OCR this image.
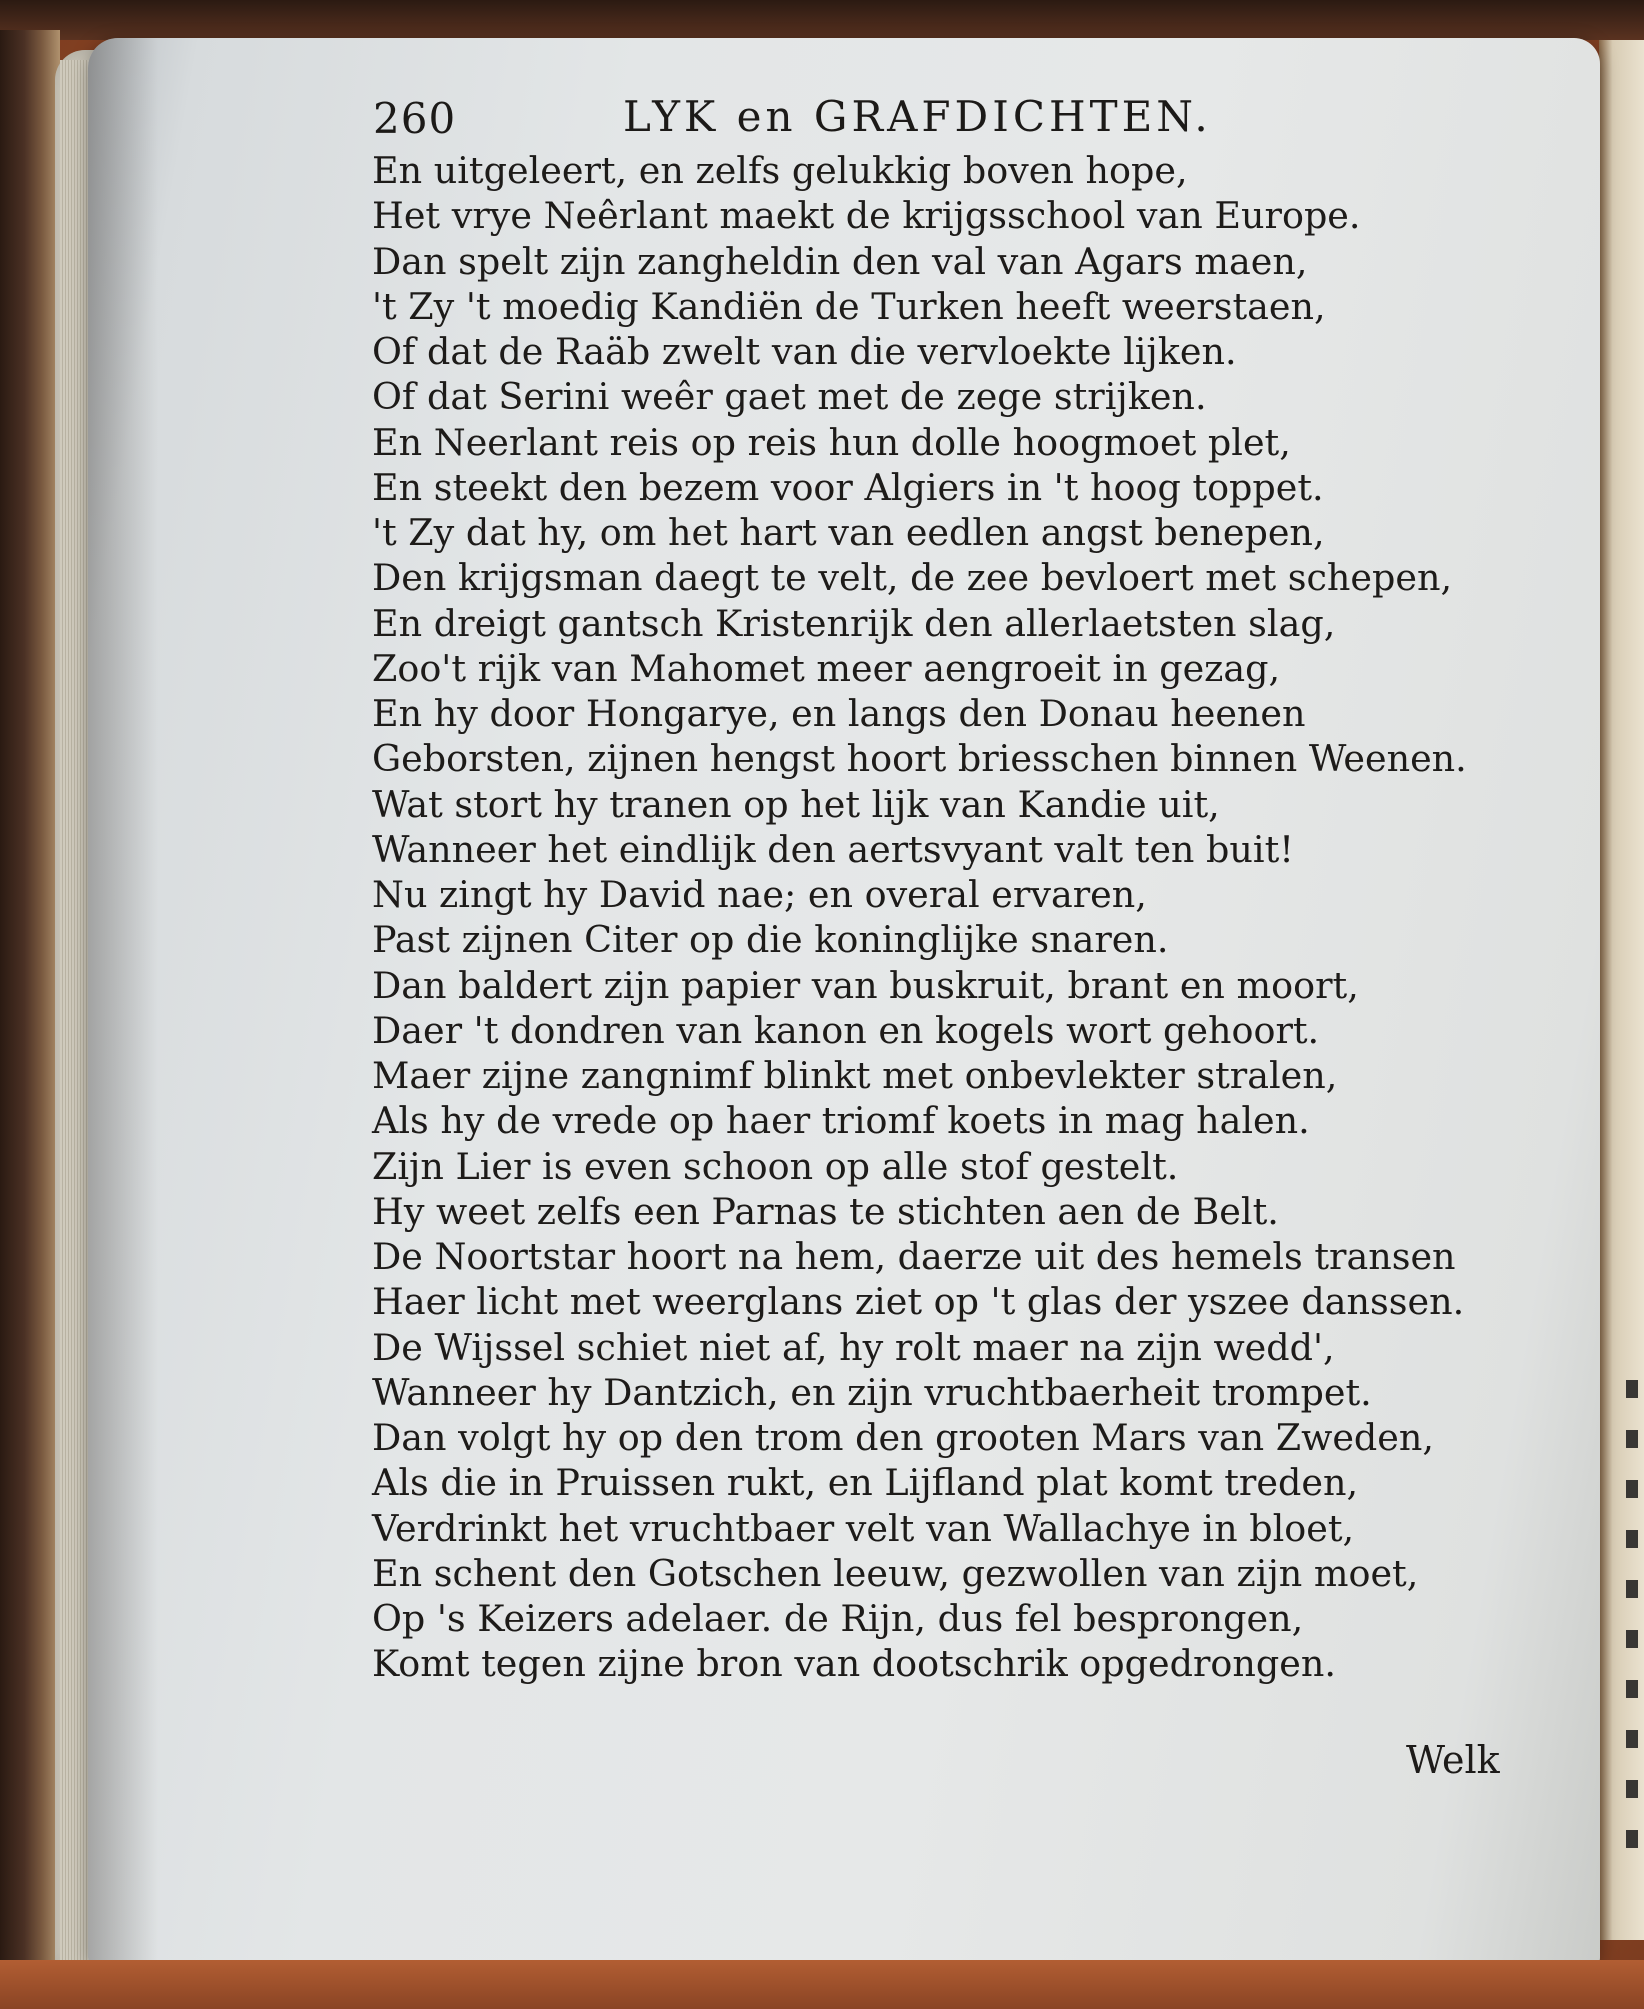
260	LYK en GRAFDICHTEN.
En uitgeleert, en zelfs gelukkig boven hope,
Het vrye Neêrlant maekt de krijgsschool van Europe.
Dan spelt zijn zangheldin den val van Agars maen,
't Zy 't moedig Kandiën de Turken heeft weerstaen,
Of dat de Raäb zwelt van die vervloekte lijken.
Of dat Serini weêr gaet met de zege strijken.
En Neerlant reis op reis hun dolle hoogmoet plet,
En steekt den bezem voor Algiers in 't hoog toppet.
't Zy dat hy, om het hart van eedlen angst benepen,
Den krijgsman daegt te velt, de zee bevloert met schepen,
En dreigt gantsch Kristenrijk den allerlaetsten slag,
Zoo't rijk van Mahomet meer aengroeit in gezag,
En hy door Hongarye, en langs den Donau heenen
Geborsten, zijnen hengst hoort briesschen binnen Weenen.
Wat stort hy tranen op het lijk van Kandie uit,
Wanneer het eindlijk den aertsvyant valt ten buit!
Nu zingt hy David nae; en overal ervaren,
Past zijnen Citer op die koninglijke snaren.
Dan baldert zijn papier van buskruit, brant en moort,
Daer 't dondren van kanon en kogels wort gehoort.
Maer zijne zangnimf blinkt met onbevlekter stralen,
Als hy de vrede op haer triomf koets in mag halen.
Zijn Lier is even schoon op alle stof gestelt.
Hy weet zelfs een Parnas te stichten aen de Belt.
De Noortstar hoort na hem, daerze uit des hemels transen
Haer licht met weerglans ziet op 't glas der yszee danssen.
De Wijssel schiet niet af, hy rolt maer na zijn wedd',
Wanneer hy Dantzich, en zijn vruchtbaerheit trompet.
Dan volgt hy op den trom den grooten Mars van Zweden,
Als die in Pruissen rukt, en Lijfland plat komt treden,
Verdrinkt het vruchtbaer velt van Wallachye in bloet,
En schent den Gotschen leeuw, gezwollen van zijn moet,
Op 's Keizers adelaer. de Rijn, dus fel besprongen,
Komt tegen zijne bron van dootschrik opgedrongen.
Welk
